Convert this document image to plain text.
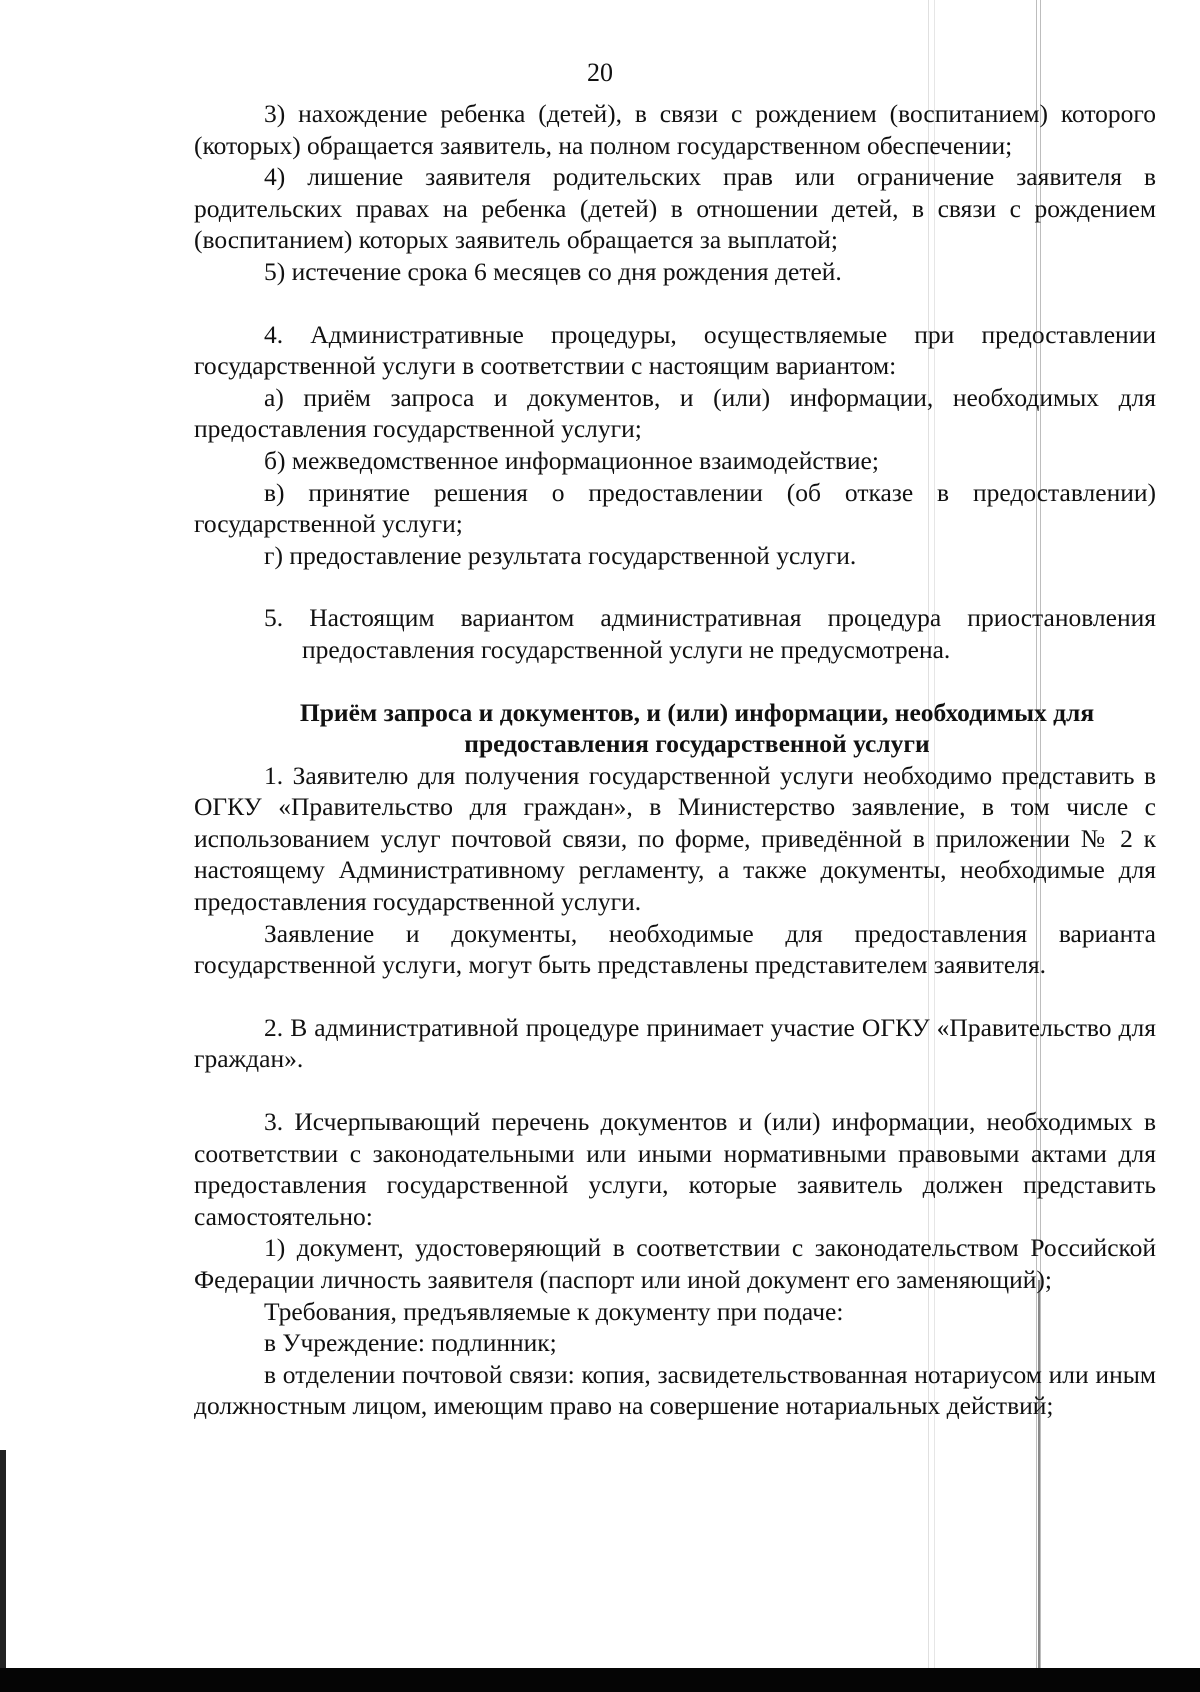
20

3) нахождение ребенка (детей), в связи с рождением (воспитанием) которого (которых) обращается заявитель, на полном государственном обеспечении;

4) лишение заявителя родительских прав или ограничение заявителя в родительских правах на ребенка (детей) в отношении детей, в связи с рождением (воспитанием) которых заявитель обращается за выплатой;

5) истечение срока 6 месяцев со дня рождения детей.

4. Административные процедуры, осуществляемые при предоставлении государственной услуги в соответствии с настоящим вариантом:

а) приём запроса и документов, и (или) информации, необходимых для предоставления государственной услуги;

б) межведомственное информационное взаимодействие;

в) принятие решения о предоставлении (об отказе в предоставлении) государственной услуги;

г) предоставление результата государственной услуги.

5. Настоящим вариантом административная процедура приостановления предоставления государственной услуги не предусмотрена.

Приём запроса и документов, и (или) информации, необходимых для предоставления государственной услуги

1. Заявителю для получения государственной услуги необходимо представить в ОГКУ «Правительство для граждан», в Министерство заявление, в том числе с использованием услуг почтовой связи, по форме, приведённой в приложении № 2 к настоящему Административному регламенту, а также документы, необходимые для предоставления государственной услуги.

Заявление и документы, необходимые для предоставления варианта государственной услуги, могут быть представлены представителем заявителя.

2. В административной процедуре принимает участие ОГКУ «Правительство для граждан».

3. Исчерпывающий перечень документов и (или) информации, необходимых в соответствии с законодательными или иными нормативными правовыми актами для предоставления государственной услуги, которые заявитель должен представить самостоятельно:

1) документ, удостоверяющий в соответствии с законодательством Российской Федерации личность заявителя (паспорт или иной документ его заменяющий);

Требования, предъявляемые к документу при подаче:

в Учреждение: подлинник;

в отделении почтовой связи: копия, засвидетельствованная нотариусом или иным должностным лицом, имеющим право на совершение нотариальных действий;
